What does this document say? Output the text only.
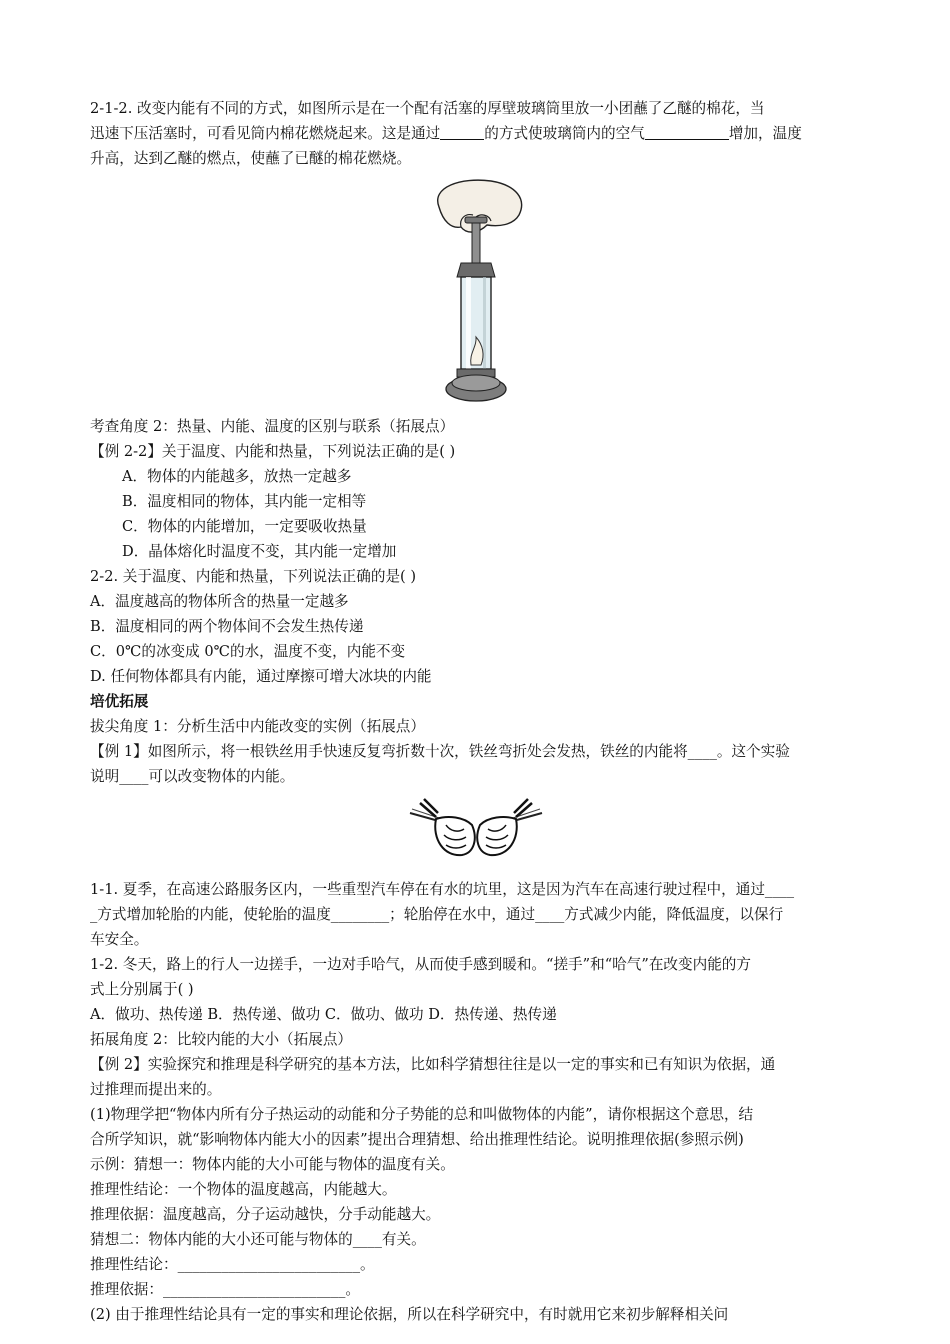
2-1-2. 改变内能有不同的方式，如图所示是在一个配有活塞的厚壁玻璃筒里放一小团蘸了乙醚的棉花，当

迅速下压活塞时，可看见筒内棉花燃烧起来。这是通过	的方式使玻璃筒内的空气	增加，温度

升高，达到乙醚的燃点，使蘸了已醚的棉花燃烧。

考查角度 2：热量、内能、温度的区别与联系（拓展点）

【例 2-2】关于温度、内能和热量，下列说法正确的是( )

A．物体的内能越多，放热一定越多

B．温度相同的物体，其内能一定相等

C．物体的内能增加，一定要吸收热量

D．晶体熔化时温度不变，其内能一定增加

2-2. 关于温度、内能和热量，下列说法正确的是( )

A．温度越高的物体所含的热量一定越多

B．温度相同的两个物体间不会发生热传递

C．0℃的冰变成 0℃的水，温度不变，内能不变

D. 任何物体都具有内能，通过摩擦可增大冰块的内能

培优拓展

拔尖角度 1：分析生活中内能改变的实例（拓展点）

【例 1】如图所示，将一根铁丝用手快速反复弯折数十次，铁丝弯折处会发热，铁丝的内能将____。这个实验

说明____可以改变物体的内能。

1-1. 夏季，在高速公路服务区内，一些重型汽车停在有水的坑里，这是因为汽车在高速行驶过程中，通过____

_方式增加轮胎的内能，使轮胎的温度________；轮胎停在水中，通过____方式减少内能，降低温度，以保行

车安全。

1-2. 冬天，路上的行人一边搓手，一边对手哈气，从而使手感到暖和。“搓手”和“哈气”在改变内能的方

式上分别属于( )

A．做功、热传递 B．热传递、做功 C．做功、做功 D．热传递、热传递

拓展角度 2：比较内能的大小（拓展点）

【例 2】实验探究和推理是科学研究的基本方法，比如科学猜想往往是以一定的事实和已有知识为依据，通

过推理而提出来的。

(1)物理学把“物体内所有分子热运动的动能和分子势能的总和叫做物体的内能”，请你根据这个意思，结

合所学知识，就“影响物体内能大小的因素”提出合理猜想、给出推理性结论。说明推理依据(参照示例)

示例：猜想一：物体内能的大小可能与物体的温度有关。

推理性结论：一个物体的温度越高，内能越大。

推理依据：温度越高，分子运动越快，分手动能越大。

猜想二：物体内能的大小还可能与物体的____有关。

推理性结论：_________________________。

推理依据：_________________________。

(2) 由于推理性结论具有一定的事实和理论依据，所以在科学研究中，有时就用它来初步解释相关问
